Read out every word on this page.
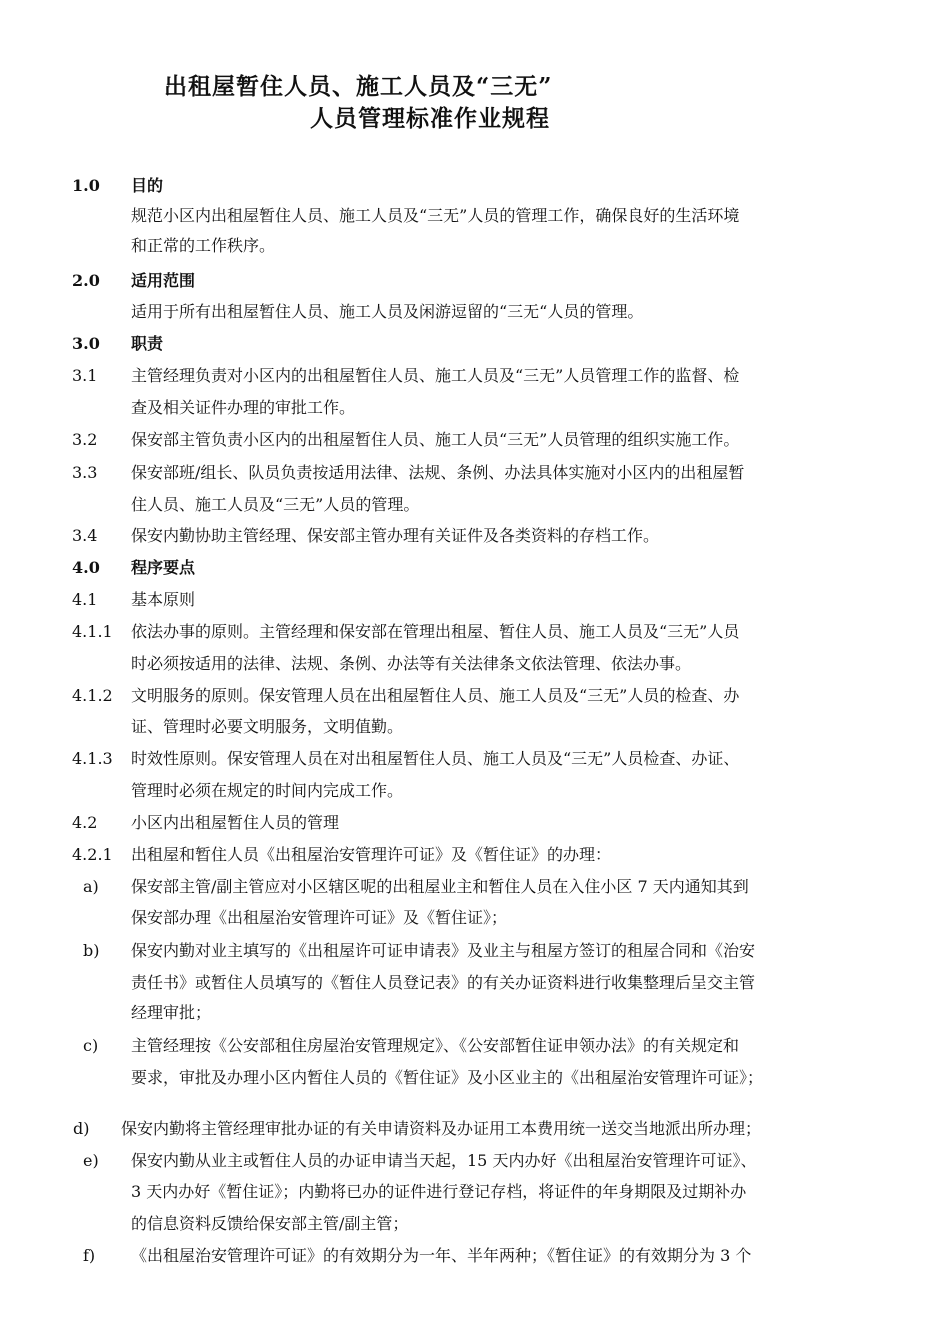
出租屋暂住人员、施工人员及“三无”
人员管理标准作业规程
1.0 目的
规范小区内出租屋暂住人员、施工人员及“三无”人员的管理工作，确保良好的生活环境
和正常的工作秩序。
2.0 适用范围
适用于所有出租屋暂住人员、施工人员及闲游逗留的“三无“人员的管理。
3.0 职责
3.1 主管经理负责对小区内的出租屋暂住人员、施工人员及“三无”人员管理工作的监督、检
查及相关证件办理的审批工作。
3.2 保安部主管负责小区内的出租屋暂住人员、施工人员“三无”人员管理的组织实施工作。
3.3 保安部班/组长、队员负责按适用法律、法规、条例、办法具体实施对小区内的出租屋暂
住人员、施工人员及“三无”人员的管理。
3.4 保安内勤协助主管经理、保安部主管办理有关证件及各类资料的存档工作。
4.0 程序要点
4.1 基本原则
4.1.1 依法办事的原则。主管经理和保安部在管理出租屋、暂住人员、施工人员及“三无”人员
时必须按适用的法律、法规、条例、办法等有关法律条文依法管理、依法办事。
4.1.2 文明服务的原则。保安管理人员在出租屋暂住人员、施工人员及“三无”人员的检查、办
证、管理时必要文明服务，文明值勤。
4.1.3 时效性原则。保安管理人员在对出租屋暂住人员、施工人员及“三无”人员检查、办证、
管理时必须在规定的时间内完成工作。
4.2 小区内出租屋暂住人员的管理
4.2.1 出租屋和暂住人员《出租屋治安管理许可证》及《暂住证》的办理：
a) 保安部主管/副主管应对小区辖区呢的出租屋业主和暂住人员在入住小区 7 天内通知其到
保安部办理《出租屋治安管理许可证》及《暂住证》；
b) 保安内勤对业主填写的《出租屋许可证申请表》及业主与租屋方签订的租屋合同和《治安
责任书》或暂住人员填写的《暂住人员登记表》的有关办证资料进行收集整理后呈交主管
经理审批；
c) 主管经理按《公安部租住房屋治安管理规定》、《公安部暂住证申领办法》的有关规定和
要求，审批及办理小区内暂住人员的《暂住证》及小区业主的《出租屋治安管理许可证》；
d) 保安内勤将主管经理审批办证的有关申请资料及办证用工本费用统一送交当地派出所办理；
e) 保安内勤从业主或暂住人员的办证申请当天起，15 天内办好《出租屋治安管理许可证》、
3 天内办好《暂住证》；内勤将已办的证件进行登记存档，将证件的年身期限及过期补办
的信息资料反馈给保安部主管/副主管；
f) 《出租屋治安管理许可证》的有效期分为一年、半年两种；《暂住证》的有效期分为 3 个
